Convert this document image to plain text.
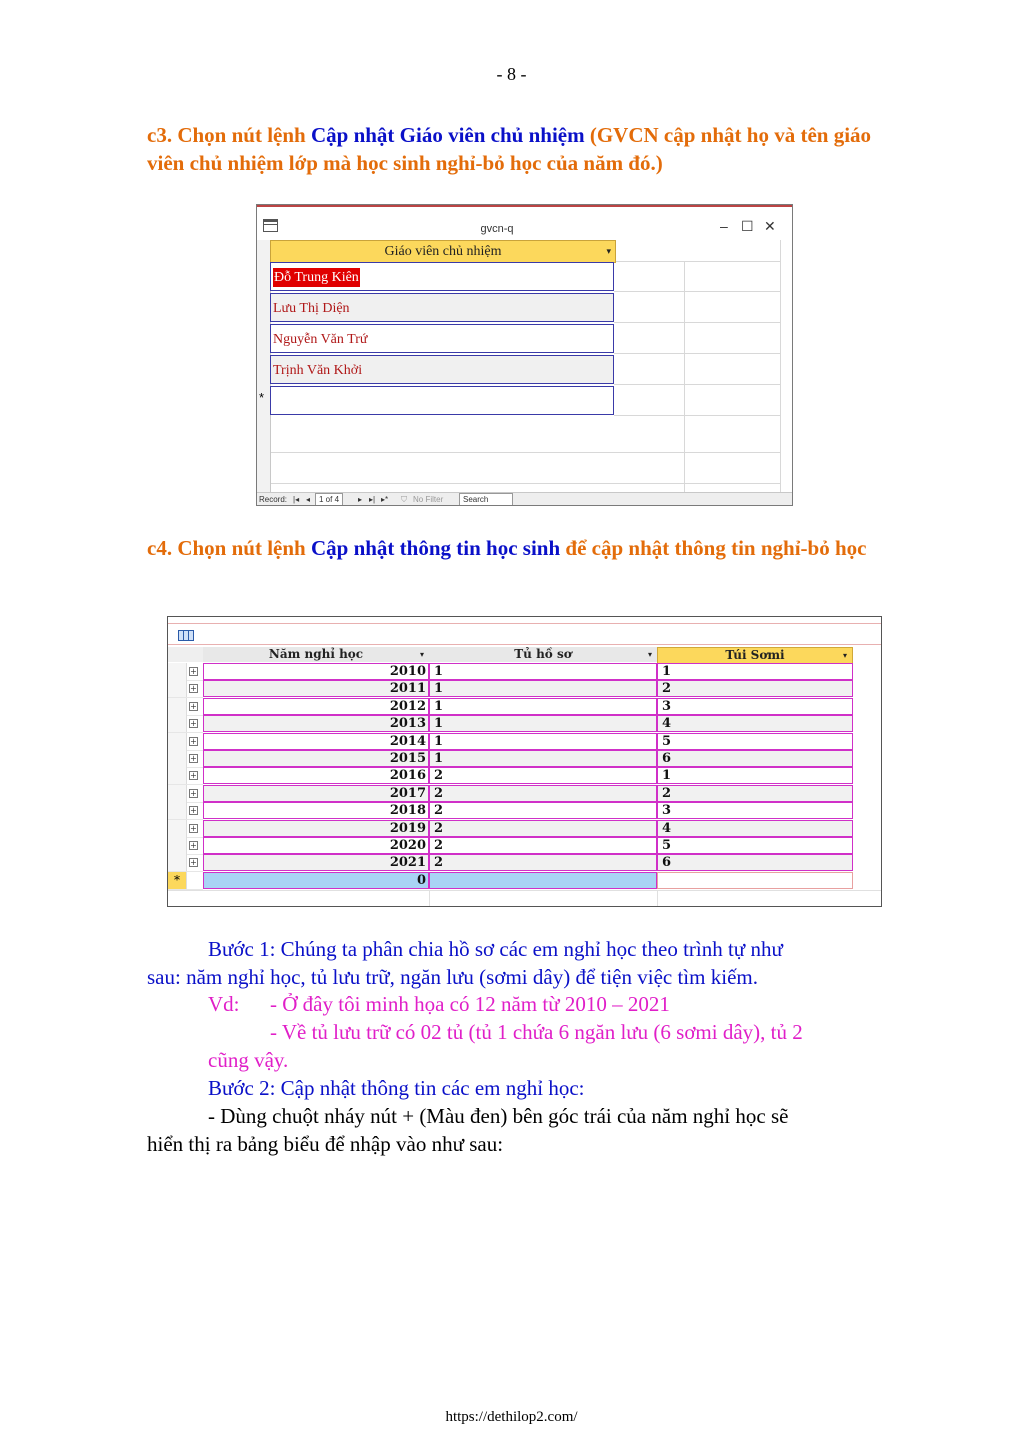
- 8 -
c3. Chọn nút lệnh Cập nhật Giáo viên chủ nhiệm (GVCN cập nhật họ và tên giáo viên chủ nhiệm lớp mà học sinh nghỉ-bỏ học của năm đó.)
gvcn-q	– ☐ ✕
Giáo viên chủ nhiệm	▾
Đỗ Trung Kiên
Lưu Thị Diện
Nguyễn Văn Trứ
Trịnh Văn Khởi
*
Record: |◂ ◂	1 of 4	▸ ▸| ▸* ⛉ No Filter	Search
c4. Chọn nút lệnh Cập nhật thông tin học sinh để cập nhật thông tin nghỉ-bỏ học
Năm nghỉ học	▾	Tủ hồ sơ	▾	Túi Sơmi	▾
+	2010 1	1
+	2011 1	2
+	2012 1	3
+	2013 1	4
+	2014 1	5
+	2015 1	6
+	2016 2	1
+	2017 2	2
+	2018 2	3
+	2019 2	4
+	2020 2	5
+	2021 2	6
*	0
Bước 1: Chúng ta phân chia hồ sơ các em nghỉ học theo trình tự như
sau: năm nghỉ học, tủ lưu trữ, ngăn lưu (sơmi dây) để tiện việc tìm kiếm.
Vd:	- Ở đây tôi minh họa có 12 năm từ 2010 – 2021
- Về tủ lưu trữ có 02 tủ (tủ 1 chứa 6 ngăn lưu (6 sơmi dây), tủ 2
cũng vậy.
Bước 2: Cập nhật thông tin các em nghỉ học:
- Dùng chuột nháy nút + (Màu đen) bên góc trái của năm nghỉ học sẽ
hiển thị ra bảng biểu để nhập vào như sau:
https://dethilop2.com/
